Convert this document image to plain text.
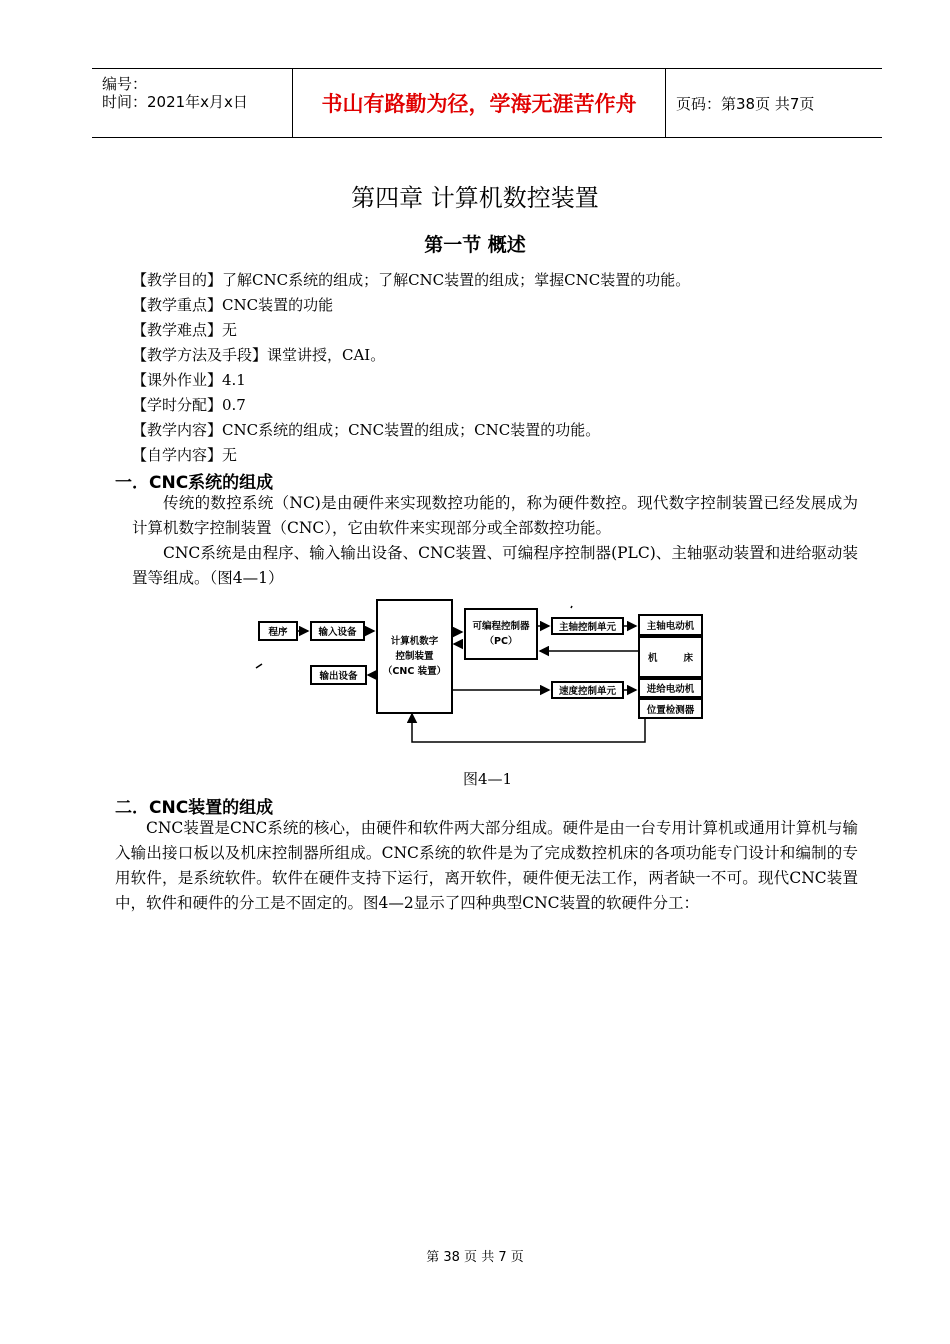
编号：
时间：2021年x月x日	书山有路勤为径，学海无涯苦作舟	页码：第38页 共7页
第四章 计算机数控装置
第一节 概述
【教学目的】了解CNC系统的组成；了解CNC装置的组成；掌握CNC装置的功能。
【教学重点】CNC装置的功能
【教学难点】无
【教学方法及手段】课堂讲授，CAI。
【课外作业】4.1
【学时分配】0.7
【教学内容】CNC系统的组成；CNC装置的组成；CNC装置的功能。
【自学内容】无
一．CNC系统的组成
传统的数控系统（NC)是由硬件来实现数控功能的，称为硬件数控。现代数字控制装置已经发展成为计算机数字控制装置（CNC），它由软件来实现部分或全部数控功能。
CNC系统是由程序、输入输出设备、CNC装置、可编程序控制器(PLC)、主轴驱动装置和进给驱动装置等组成。（图4—1）
程序	输入设备
输出设备
计算机数字
控制装置
（CNC 装置）
可编程控制器
（PC）
主轴控制单元
速度控制单元
主轴电动机
机	床
进给电动机
位置检测器
图4—1
二．CNC装置的组成
CNC装置是CNC系统的核心，由硬件和软件两大部分组成。硬件是由一台专用计算机或通用计算机与输入输出接口板以及机床控制器所组成。CNC系统的软件是为了完成数控机床的各项功能专门设计和编制的专用软件，是系统软件。软件在硬件支持下运行，离开软件，硬件便无法工作，两者缺一不可。现代CNC装置中，软件和硬件的分工是不固定的。图4—2显示了四种典型CNC装置的软硬件分工：
第 38 页 共 7 页
